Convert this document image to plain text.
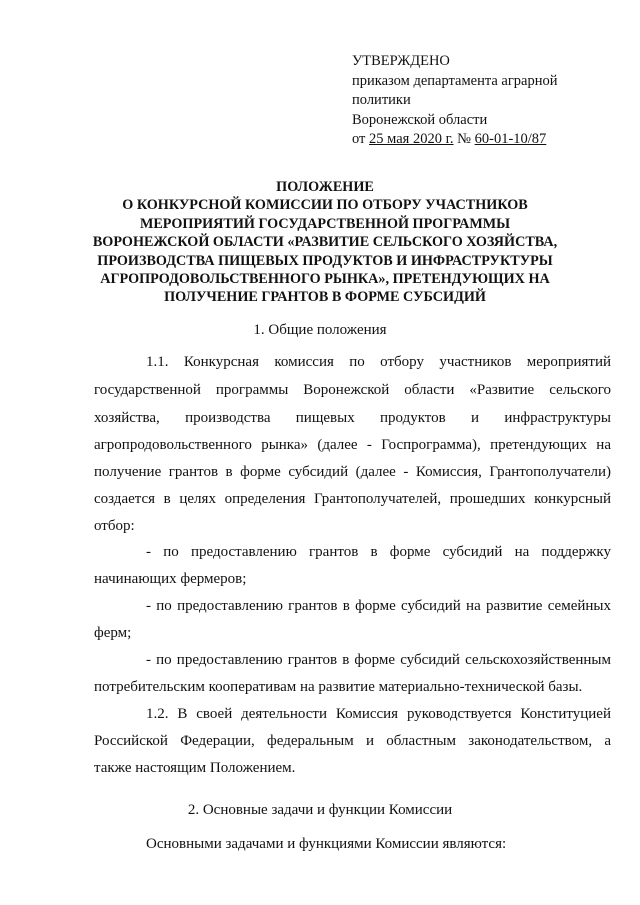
УТВЕРЖДЕНО
приказом департамента аграрной
политики
Воронежской области
от 25 мая 2020 г. № 60-01-10/87
ПОЛОЖЕНИЕ
О КОНКУРСНОЙ КОМИССИИ ПО ОТБОРУ УЧАСТНИКОВ
МЕРОПРИЯТИЙ ГОСУДАРСТВЕННОЙ ПРОГРАММЫ
ВОРОНЕЖСКОЙ ОБЛАСТИ «РАЗВИТИЕ СЕЛЬСКОГО ХОЗЯЙСТВА,
ПРОИЗВОДСТВА ПИЩЕВЫХ ПРОДУКТОВ И ИНФРАСТРУКТУРЫ
АГРОПРОДОВОЛЬСТВЕННОГО РЫНКА», ПРЕТЕНДУЮЩИХ НА
ПОЛУЧЕНИЕ ГРАНТОВ В ФОРМЕ СУБСИДИЙ
1. Общие положения
1.1. Конкурсная комиссия по отбору участников мероприятий
государственной программы Воронежской области «Развитие сельского
хозяйства, производства пищевых продуктов и инфраструктуры
агропродовольственного рынка» (далее - Госпрограмма), претендующих на
получение грантов в форме субсидий (далее - Комиссия, Грантополучатели)
создается в целях определения Грантополучателей, прошедших конкурсный
отбор:
- по предоставлению грантов в форме субсидий на поддержку
начинающих фермеров;
- по предоставлению грантов в форме субсидий на развитие семейных
ферм;
- по предоставлению грантов в форме субсидий сельскохозяйственным
потребительским кооперативам на развитие материально-технической базы.
1.2. В своей деятельности Комиссия руководствуется Конституцией
Российской Федерации, федеральным и областным законодательством, а
также настоящим Положением.
2. Основные задачи и функции Комиссии
Основными задачами и функциями Комиссии являются:
